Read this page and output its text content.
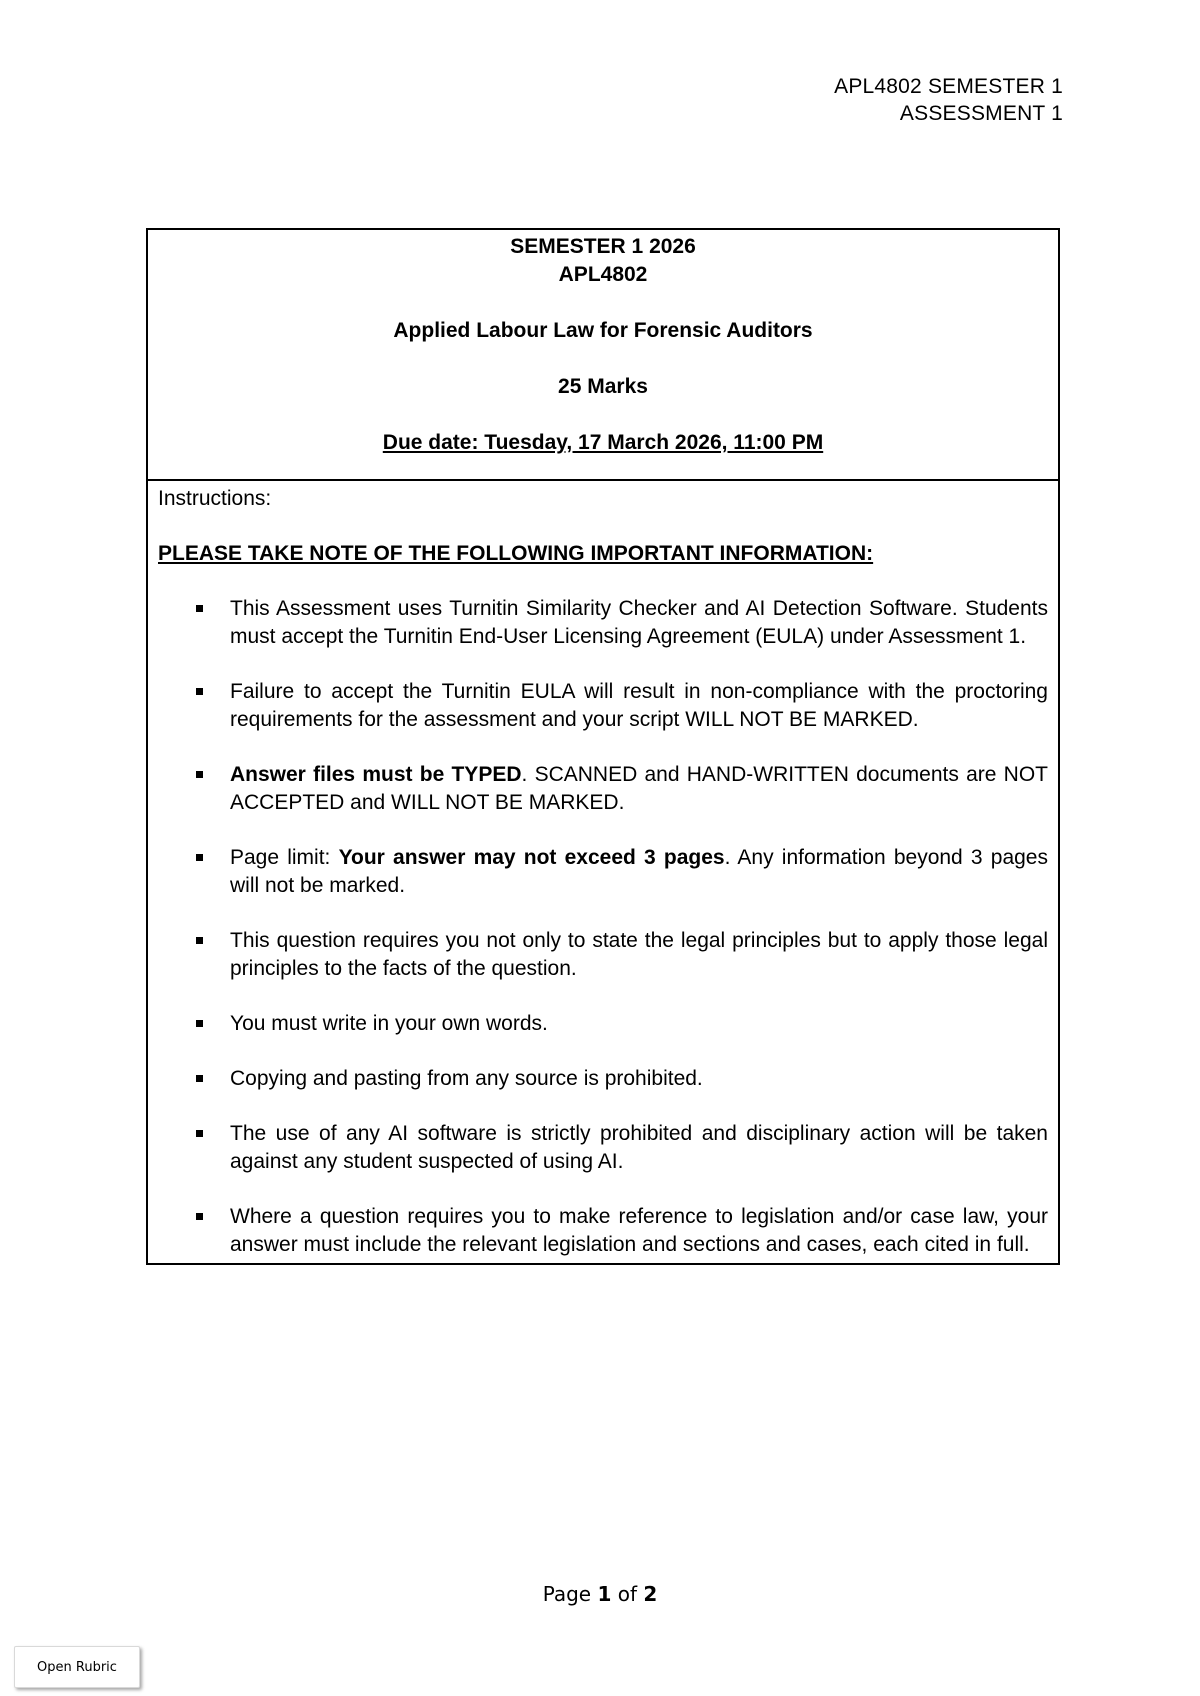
APL4802 SEMESTER 1
ASSESSMENT 1
SEMESTER 1 2026
APL4802
Applied Labour Law for Forensic Auditors
25 Marks
Due date: Tuesday, 17 March 2026, 11:00 PM
Instructions:
PLEASE TAKE NOTE OF THE FOLLOWING IMPORTANT INFORMATION:
This Assessment uses Turnitin Similarity Checker and AI Detection Software. Students must accept the Turnitin End-User Licensing Agreement (EULA) under Assessment 1.
Failure to accept the Turnitin EULA will result in non-compliance with the proctoring requirements for the assessment and your script WILL NOT BE MARKED.
Answer files must be TYPED. SCANNED and HAND-WRITTEN documents are NOT ACCEPTED and WILL NOT BE MARKED.
Page limit: Your answer may not exceed 3 pages. Any information beyond 3 pages will not be marked.
This question requires you not only to state the legal principles but to apply those legal principles to the facts of the question.
You must write in your own words.
Copying and pasting from any source is prohibited.
The use of any AI software is strictly prohibited and disciplinary action will be taken against any student suspected of using AI.
Where a question requires you to make reference to legislation and/or case law, your answer must include the relevant legislation and sections and cases, each cited in full.
Page 1 of 2
Open Rubric
